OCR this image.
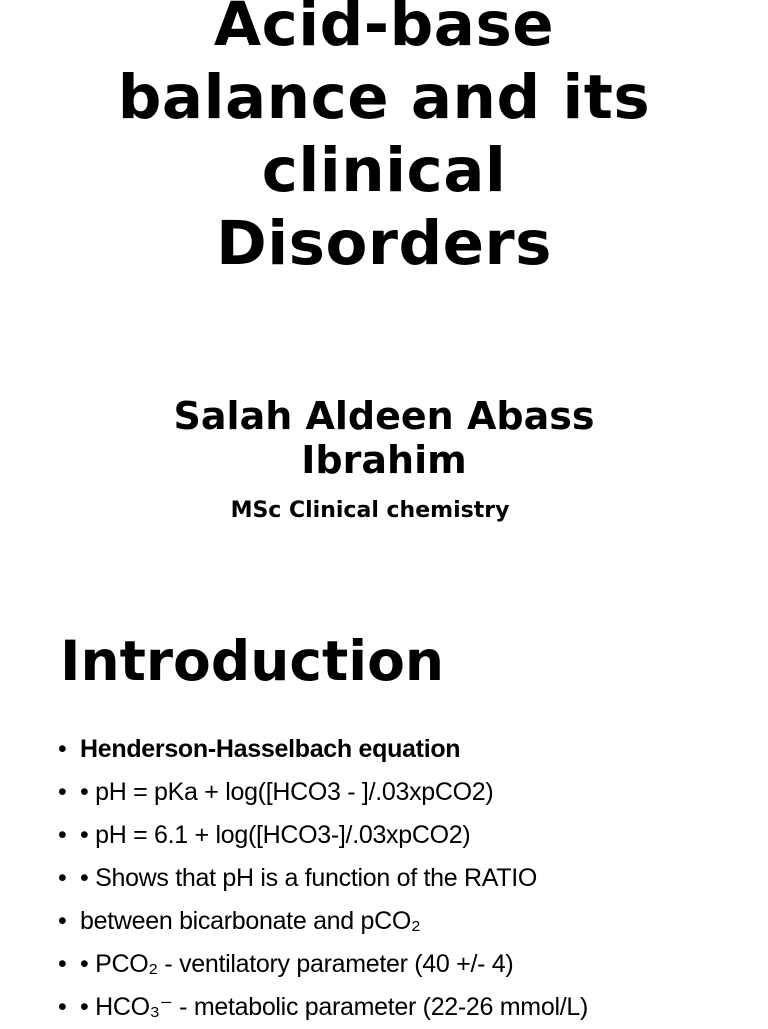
Acid-base
balance and its
clinical
Disorders
Salah Aldeen Abass
Ibrahim
MSc Clinical chemistry
Introduction
• Henderson-Hasselbach equation
• • pH = pKa + log([HCO3 - ]/.03xpCO2)
• • pH = 6.1 + log([HCO3-]/.03xpCO2)
• • Shows that pH is a function of the RATIO
• between bicarbonate and pCO₂
• • PCO₂ - ventilatory parameter (40 +/- 4)
• • HCO₃⁻ - metabolic parameter (22-26 mmol/L)
